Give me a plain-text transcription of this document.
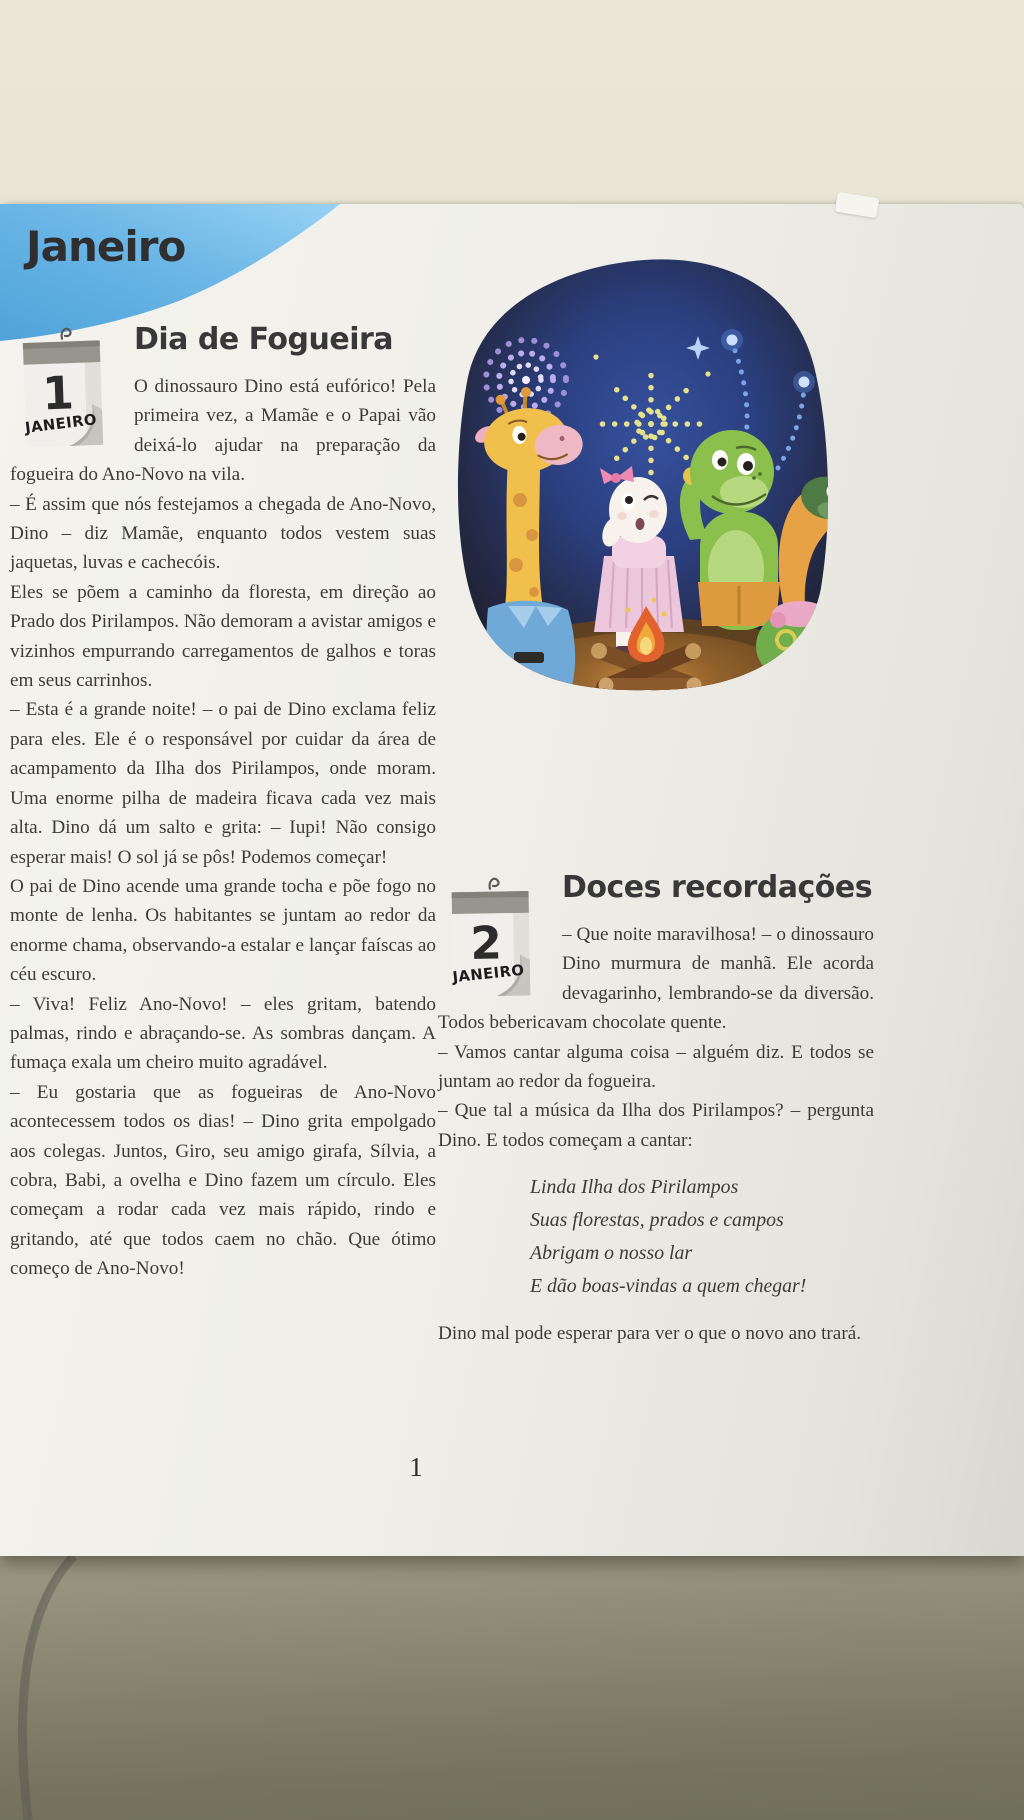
Janeiro
1
JANEIRO
Dia de Fogueira

O dinossauro Dino está eufórico! Pela primeira vez, a Mamãe e o Papai vão deixá-lo ajudar na preparação da fogueira do Ano-Novo na vila.

– É assim que nós festejamos a chegada de Ano-Novo, Dino – diz Mamãe, enquanto todos vestem suas jaquetas, luvas e cachecóis.

Eles se põem a caminho da floresta, em direção ao Prado dos Pirilampos. Não demoram a avistar amigos e vizinhos empurrando carregamentos de galhos e toras em seus carrinhos.

– Esta é a grande noite! – o pai de Dino exclama feliz para eles. Ele é o responsável por cuidar da área de acampamento da Ilha dos Pirilampos, onde moram. Uma enorme pilha de madeira ficava cada vez mais alta. Dino dá um salto e grita: – Iupi! Não consigo esperar mais! O sol já se pôs! Podemos começar!

O pai de Dino acende uma grande tocha e põe fogo no monte de lenha. Os habitantes se juntam ao redor da enorme chama, observando-a estalar e lançar faíscas ao céu escuro.

– Viva! Feliz Ano-Novo! – eles gritam, batendo palmas, rindo e abraçando-se. As sombras dançam. A fumaça exala um cheiro muito agradável.

– Eu gostaria que as fogueiras de Ano-Novo acontecessem todos os dias! – Dino grita empolgado aos colegas. Juntos, Giro, seu amigo girafa, Sílvia, a cobra, Babi, a ovelha e Dino fazem um círculo. Eles começam a rodar cada vez mais rápido, rindo e gritando, até que todos caem no chão. Que ótimo começo de Ano-Novo!

2
JANEIRO
Doces recordações

– Que noite maravilhosa! – o dinossauro Dino murmura de manhã. Ele acorda devagarinho, lembrando-se da diversão. Todos bebericavam chocolate quente.

– Vamos cantar alguma coisa – alguém diz. E todos se juntam ao redor da fogueira.

– Que tal a música da Ilha dos Pirilampos? – pergunta Dino. E todos começam a cantar:

Linda Ilha dos Pirilampos
Suas florestas, prados e campos
Abrigam o nosso lar
E dão boas-vindas a quem chegar!

Dino mal pode esperar para ver o que o novo ano trará.

1
